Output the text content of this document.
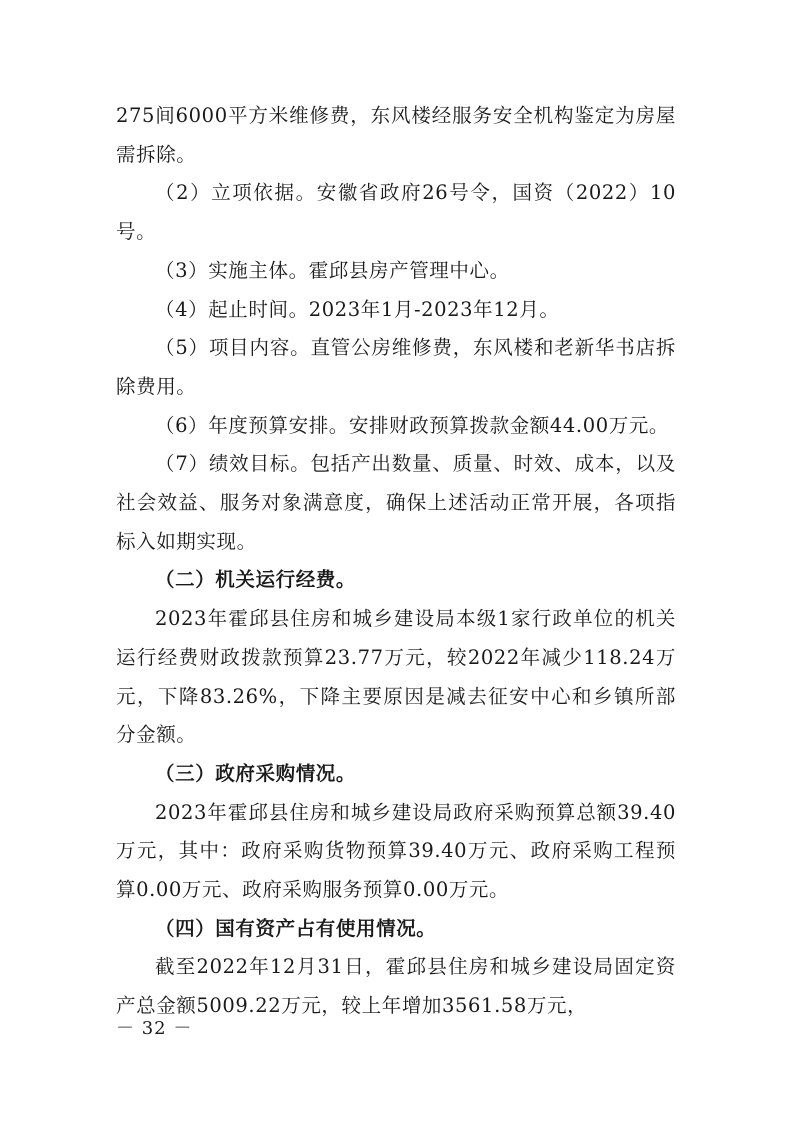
275间6000平方米维修费，东风楼经服务安全机构鉴定为房屋需拆除。

（2）立项依据。安徽省政府26号令，国资（2022）10号。

（3）实施主体。霍邱县房产管理中心。

（4）起止时间。2023年1月-2023年12月。

（5）项目内容。直管公房维修费，东风楼和老新华书店拆除费用。

（6）年度预算安排。安排财政预算拨款金额44.00万元。

（7）绩效目标。包括产出数量、质量、时效、成本，以及社会效益、服务对象满意度，确保上述活动正常开展，各项指标入如期实现。

（二）机关运行经费。

2023年霍邱县住房和城乡建设局本级1家行政单位的机关运行经费财政拨款预算23.77万元，较2022年减少118.24万元，下降83.26%，下降主要原因是减去征安中心和乡镇所部分金额。

（三）政府采购情况。

2023年霍邱县住房和城乡建设局政府采购预算总额39.40万元，其中：政府采购货物预算39.40万元、政府采购工程预算0.00万元、政府采购服务预算0.00万元。

（四）国有资产占有使用情况。

截至2022年12月31日，霍邱县住房和城乡建设局固定资产总金额5009.22万元，较上年增加3561.58万元，

－ 32 －
